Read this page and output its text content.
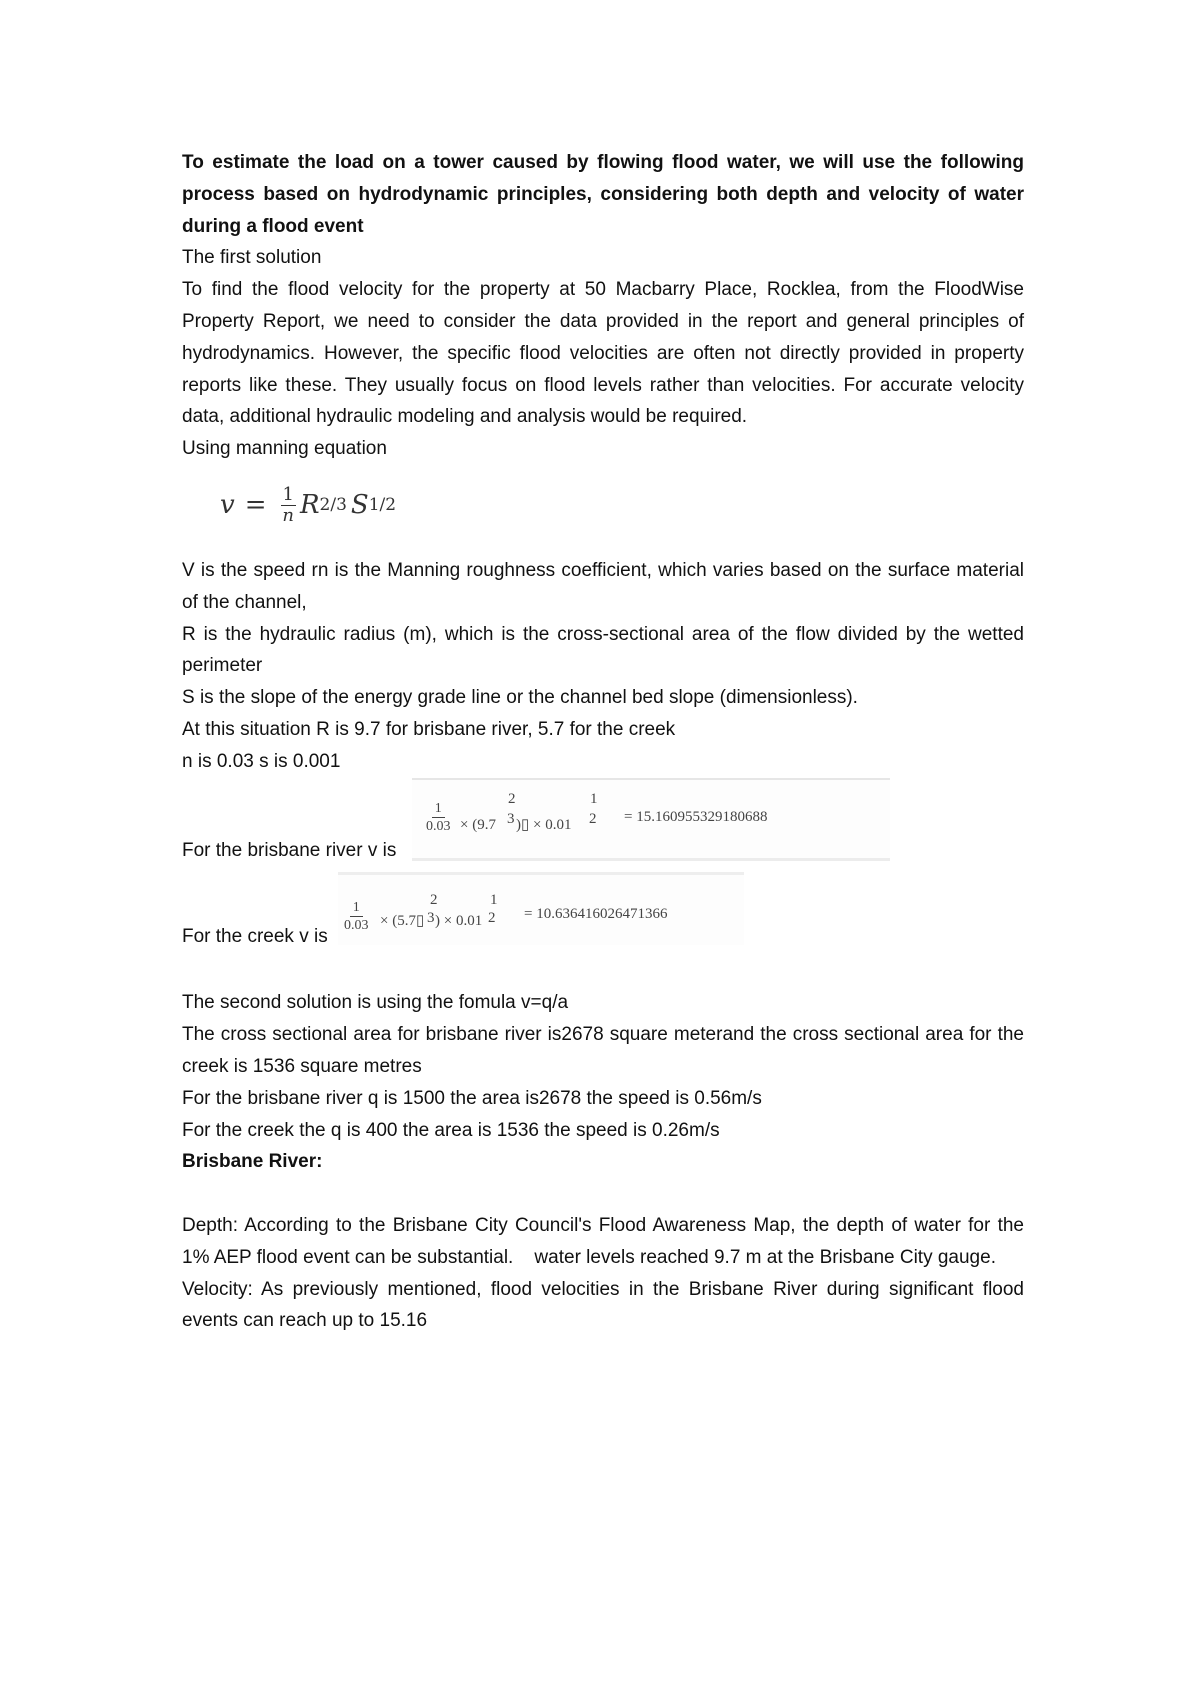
To estimate the load on a tower caused by flowing flood water, we will use the following process based on hydrodynamic principles, considering both depth and velocity of water during a flood event

The first solution

To find the flood velocity for the property at 50 Macbarry Place, Rocklea, from the FloodWise Property Report, we need to consider the data provided in the report and general principles of hydrodynamics. However, the specific flood velocities are often not directly provided in property reports like these. They usually focus on flood levels rather than velocities. For accurate velocity data, additional hydraulic modeling and analysis would be required.

Using manning equation

$v = \frac{1}{n}$ R 2/3 S 1/2

V is the speed rn is the Manning roughness coefficient, which varies based on the surface material of the channel,

R is the hydraulic radius (m), which is the cross-sectional area of the flow divided by the wetted perimeter

S is the slope of the energy grade line or the channel bed slope (dimensionless).

At this situation R is 9.7 for brisbane river, 5.7 for the creek

n is 0.03 s is 0.001

For the brisbane river v is
2	1
$\frac{1}{0.03} \times (9.7$ 3 )▯ × 0.01 2 = 15.160955329180688
For the creek v is
2	1
$\frac{1}{0.03}$ × (5.7▯ 3 ) × 0.01 2 = 10.636416026471366

The second solution is using the fomula v=q/a

The cross sectional area for brisbane river is2678 square meterand the cross sectional area for the creek is 1536 square metres

For the brisbane river q is 1500 the area is2678 the speed is 0.56m/s

For the creek the q is 400 the area is 1536 the speed is 0.26m/s

Brisbane River:

Depth: According to the Brisbane City Council's Flood Awareness Map, the depth of water for the 1% AEP flood event can be substantial.    water levels reached 9.7 m at the Brisbane City gauge.

Velocity: As previously mentioned, flood velocities in the Brisbane River during significant flood events can reach up to 15.16
